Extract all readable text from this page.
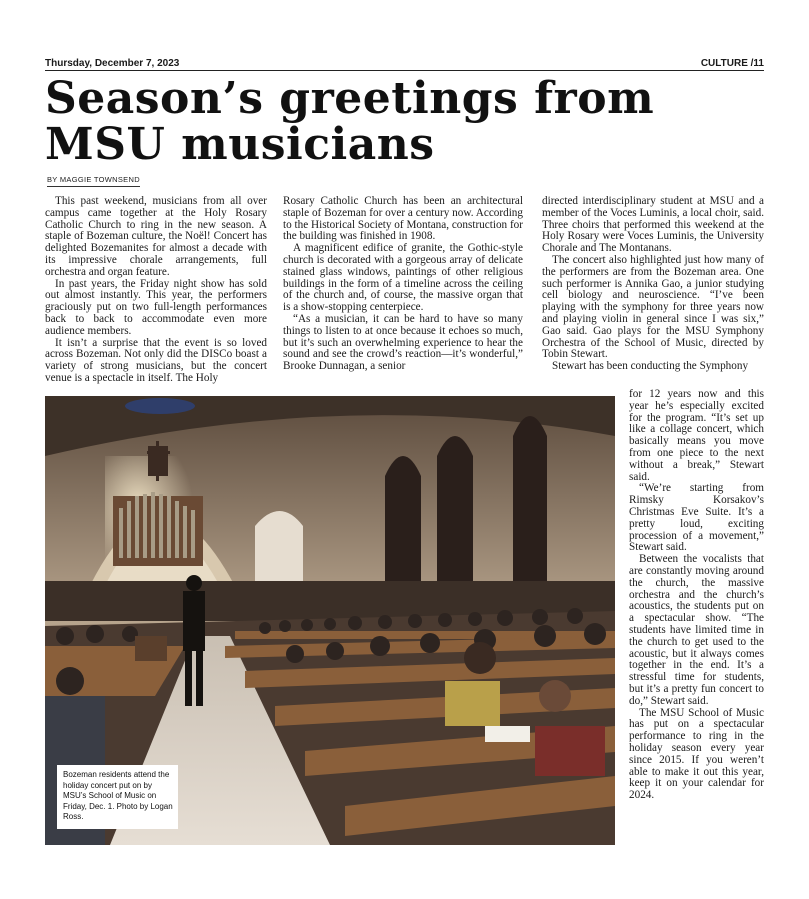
Thursday, December 7, 2023	CULTURE /11
Season’s greetings from MSU musicians
BY MAGGIE TOWNSEND

This past weekend, musicians from all over campus came together at the Holy Rosary Catholic Church to ring in the new season. A staple of Bozeman culture, the Noël! Concert has delighted Bozemanites for almost a decade with its impressive chorale arrangements, full orchestra and organ feature.

In past years, the Friday night show has sold out almost instantly. This year, the performers graciously put on two full-length performances back to back to accommodate even more audience members.

It isn’t a surprise that the event is so loved across Bozeman. Not only did the DISCo boast a variety of strong musicians, but the concert venue is a spectacle in itself. The Holy

Rosary Catholic Church has been an architectural staple of Bozeman for over a century now. According to the Historical Society of Montana, construction for the building was finished in 1908.

A magnificent edifice of granite, the Gothic-style church is decorated with a gorgeous array of delicate stained glass windows, paintings of other religious buildings in the form of a timeline across the ceiling of the church and, of course, the massive organ that is a show-stopping centerpiece.

“As a musician, it can be hard to have so many things to listen to at once because it echoes so much, but it’s such an overwhelming experience to hear the sound and see the crowd’s reaction—it’s wonderful,” Brooke Dunnagan, a senior

directed interdisciplinary student at MSU and a member of the Voces Luminis, a local choir, said. Three choirs that performed this weekend at the Holy Rosary were Voces Luminis, the University Chorale and The Montanans.

The concert also highlighted just how many of the performers are from the Bozeman area. One such performer is Annika Gao, a junior studying cell biology and neuroscience. “I’ve been playing with the symphony for three years now and playing violin in general since I was six,” Gao said. Gao plays for the MSU Symphony Orchestra of the School of Music, directed by Tobin Stewart.

Stewart has been conducting the Symphony

for 12 years now and this year he’s especially excited for the program. “It’s set up like a collage concert, which basically means you move from one piece to the next without a break,” Stewart said.

“We’re starting from Rimsky Korsakov’s Christmas Eve Suite. It’s a pretty loud, exciting procession of a movement,” Stewart said.

Between the vocalists that are constantly moving around the church, the massive orchestra and the church’s acoustics, the students put on a spectacular show. “The students have limited time in the church to get used to the acoustic, but it always comes together in the end. It’s a stressful time for students, but it’s a pretty fun concert to do,” Stewart said.

The MSU School of Music has put on a spectacular performance to ring in the holiday season every year since 2015. If you weren’t able to make it out this year, keep it on your calendar for 2024.

Bozeman residents attend the holiday concert put on by MSU’s School of Music on Friday, Dec. 1. Photo by Logan Ross.
